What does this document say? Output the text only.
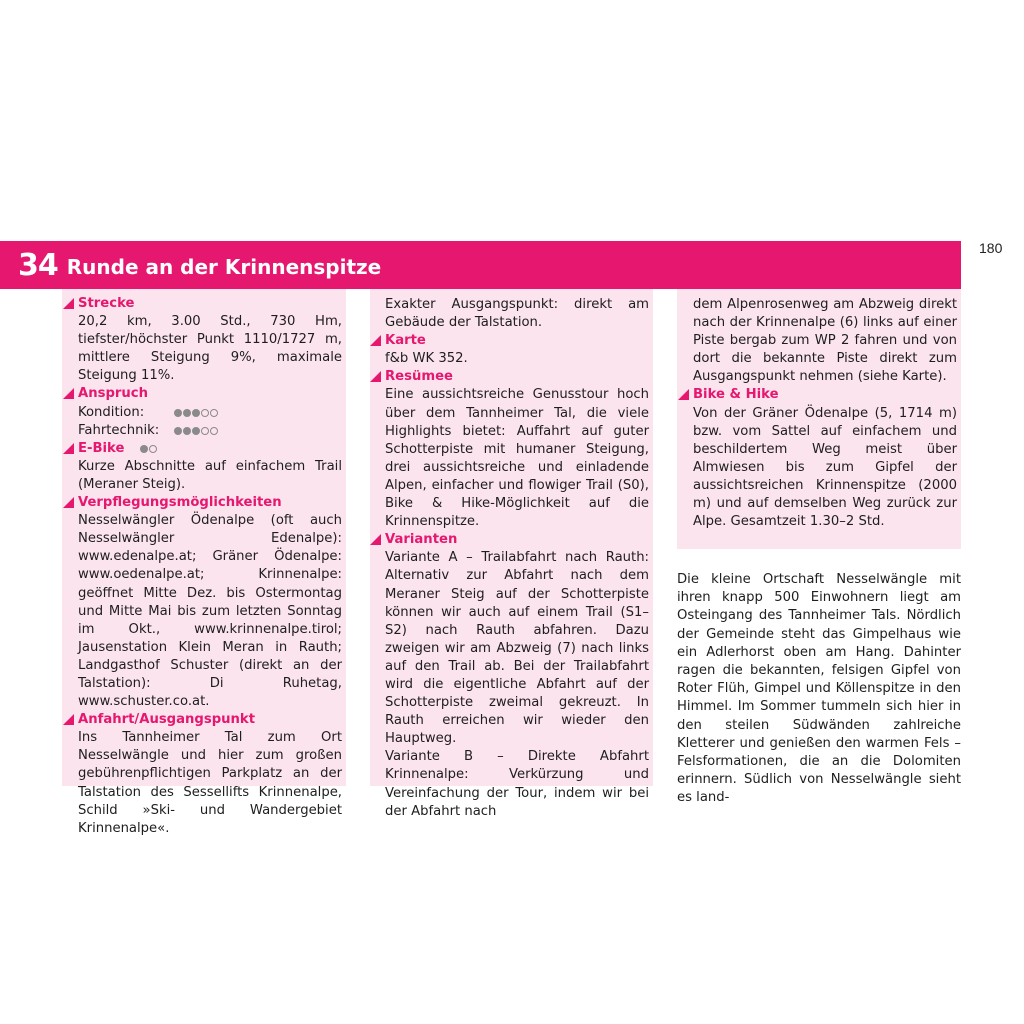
180
34 Runde an der Krinnenspitze
Strecke

20,2 km, 3.00 Std., 730 Hm, tiefster/höchster Punkt 1110/1727 m, mittlere Steigung 9%, maximale Steigung 11%.

Anspruch
Kondition:
Fahrtechnik:
E-Bike

Kurze Abschnitte auf einfachem Trail (Meraner Steig).

Verpflegungsmöglichkeiten

Nesselwängler Ödenalpe (oft auch Nesselwängler Edenalpe): www.edenalpe.at; Gräner Ödenalpe: www.oedenalpe.at; Krinnenalpe: geöffnet Mitte Dez. bis Ostermontag und Mitte Mai bis zum letzten Sonntag im Okt., www.krinnenalpe.tirol; Jausenstation Klein Meran in Rauth; Landgasthof Schuster (direkt an der Talstation): Di Ruhetag, www.schuster.co.at.

Anfahrt/Ausgangspunkt

Ins Tannheimer Tal zum Ort Nesselwängle und hier zum großen gebührenpflichtigen Parkplatz an der Talstation des Sessellifts Krinnenalpe, Schild »Ski- und Wandergebiet Krinnenalpe«.

Exakter Ausgangspunkt: direkt am Gebäude der Talstation.

Karte

f&b WK 352.

Resümee

Eine aussichtsreiche Genusstour hoch über dem Tannheimer Tal, die viele Highlights bietet: Auffahrt auf guter Schotterpiste mit humaner Steigung, drei aussichtsreiche und einladende Alpen, einfacher und flowiger Trail (S0), Bike & Hike-Möglichkeit auf die Krinnenspitze.

Varianten

Variante A – Trailabfahrt nach Rauth: Alternativ zur Abfahrt nach dem Meraner Steig auf der Schotterpiste können wir auch auf einem Trail (S1–S2) nach Rauth abfahren. Dazu zweigen wir am Abzweig (7) nach links auf den Trail ab. Bei der Trailabfahrt wird die eigentliche Abfahrt auf der Schotterpiste zweimal gekreuzt. In Rauth erreichen wir wieder den Hauptweg.

Variante B – Direkte Abfahrt Krinnenalpe: Verkürzung und Vereinfachung der Tour, indem wir bei der Abfahrt nach

dem Alpenrosenweg am Abzweig direkt nach der Krinnenalpe (6) links auf einer Piste bergab zum WP 2 fahren und von dort die bekannte Piste direkt zum Ausgangspunkt nehmen (siehe Karte).

Bike & Hike

Von der Gräner Ödenalpe (5, 1714 m) bzw. vom Sattel auf einfachem und beschildertem Weg meist über Almwiesen bis zum Gipfel der aussichtsreichen Krinnenspitze (2000 m) und auf demselben Weg zurück zur Alpe. Gesamtzeit 1.30–2 Std.

Die kleine Ortschaft Nesselwängle mit ihren knapp 500 Einwohnern liegt am Osteingang des Tannheimer Tals. Nördlich der Gemeinde steht das Gimpelhaus wie ein Adlerhorst oben am Hang. Dahinter ragen die bekannten, felsigen Gipfel von Roter Flüh, Gimpel und Köllenspitze in den Himmel. Im Sommer tummeln sich hier in den steilen Südwänden zahlreiche Kletterer und genießen den warmen Fels – Felsformationen, die an die Dolomiten erinnern. Südlich von Nesselwängle sieht es land-
